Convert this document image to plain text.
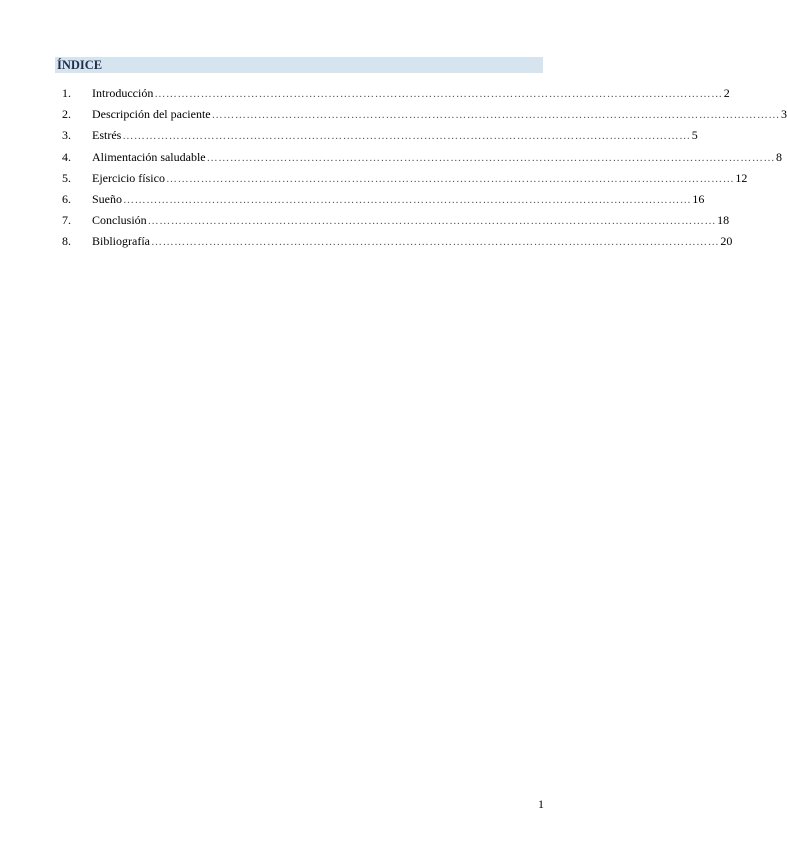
ÍNDICE
1.	Introducción ………………………………………………………………………………………………………………………………… 2
2.	Descripción del paciente ………………………………………………………………………………………………………………………………… 3
3.	Estrés ………………………………………………………………………………………………………………………………… 5
4.	Alimentación saludable ………………………………………………………………………………………………………………………………… 8
5.	Ejercicio físico ………………………………………………………………………………………………………………………………… 12
6.	Sueño ………………………………………………………………………………………………………………………………… 16
7.	Conclusión ………………………………………………………………………………………………………………………………… 18
8.	Bibliografía ………………………………………………………………………………………………………………………………… 20
1
